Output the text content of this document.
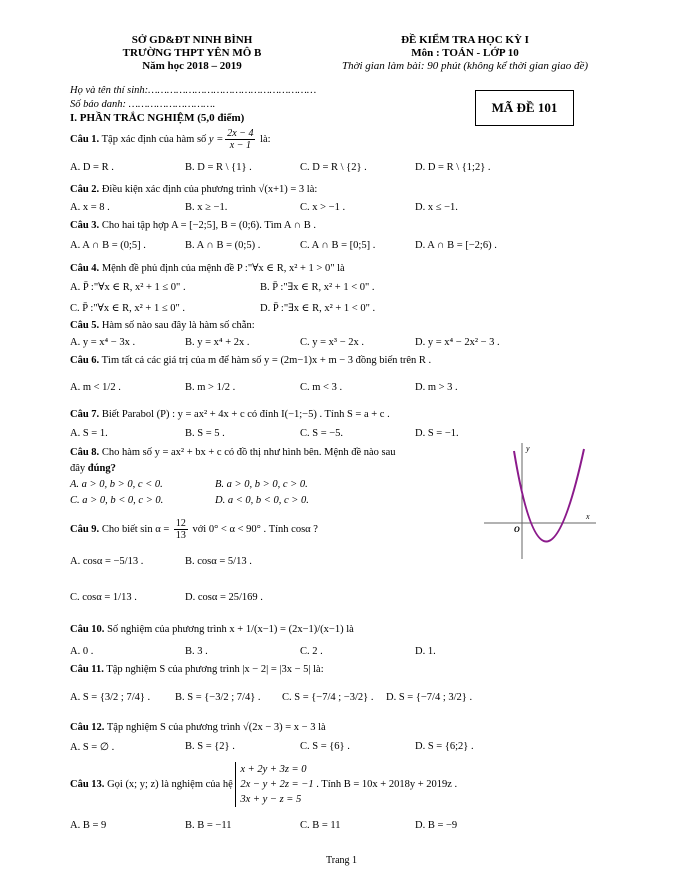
SỞ GD&ĐT NINH BÌNH
TRƯỜNG THPT YÊN MÔ B
Năm học 2018 – 2019
ĐỀ KIỂM TRA HỌC KỲ I
Môn : TOÁN - LỚP 10
Thời gian làm bài: 90 phút (không kể thời gian giao đề)
Họ và tên thí sinh:………………………………………………
Số báo danh: ……………………….	MÃ ĐỀ 101
I. PHẦN TRẮC NGHIỆM (5,0 điểm)
Câu 1. Tập xác định của hàm số $y = \frac{2x - 4}{x - 1}$ là:
A. D = R .	B. D = R \ {1} .	C. D = R \ {2} .	D. D = R \ {1;2} .
Câu 2. Điều kiện xác định của phương trình √(x+1) = 3 là:
A. x = 8 .	B. x ≥ −1.	C. x > −1 .	D. x ≤ −1.
Câu 3. Cho hai tập hợp A = [−2;5], B = (0;6). Tìm A ∩ B .
A. A ∩ B = (0;5] .	B. A ∩ B = (0;5) .	C. A ∩ B = [0;5] .	D. A ∩ B = [−2;6) .
Câu 4. Mệnh đề phủ định của mệnh đề P :"∀x ∈ R, x² + 1 > 0" là
A. P̄ :"∀x ∈ R, x² + 1 ≤ 0" .	B. P̄ :"∃x ∈ R, x² + 1 < 0" .
C. P̄ :"∀x ∈ R, x² + 1 ≤ 0" .	D. P̄ :"∃x ∈ R, x² + 1 < 0" .
Câu 5. Hàm số nào sau đây là hàm số chẵn:
A. y = x⁴ − 3x .	B. y = x⁴ + 2x .	C. y = x³ − 2x .	D. y = x⁴ − 2x² − 3 .
Câu 6. Tìm tất cả các giá trị của m để hàm số y = (2m−1)x + m − 3 đồng biến trên R .
A. m < 1/2 .	B. m > 1/2 .	C. m < 3 .	D. m > 3 .
Câu 7. Biết Parabol (P) : y = ax² + 4x + c có đỉnh I(−1;−5) . Tính S = a + c .
A. S = 1.	B. S = 5 .	C. S = −5.	D. S = −1.
Câu 8. Cho hàm số y = ax² + bx + c có đồ thị như hình bên. Mệnh đề nào sau
đây đúng?
A. a > 0, b > 0, c < 0.	B. a > 0, b > 0, c > 0.
C. a > 0, b < 0, c > 0.	D. a < 0, b < 0, c > 0.
y
x
O
Câu 9. Cho biết $\sin \alpha = \frac{12}{13}$ với 0° < α < 90° . Tính cosα ?
A. cosα = −5/13 .	B. cosα = 5/13 .
C. cosα = 1/13 .	D. cosα = 25/169 .
Câu 10. Số nghiệm của phương trình x + 1/(x−1) = (2x−1)/(x−1) là
A. 0 .	B. 3 .	C. 2 .	D. 1.
Câu 11. Tập nghiệm S của phương trình |x − 2| = |3x − 5| là:
A. S = {3/2 ; 7/4} . B. S = {−3/2 ; 7/4} . C. S = {−7/4 ; −3/2} . D. S = {−7/4 ; 3/2} .
Câu 12. Tập nghiệm S của phương trình √(2x − 3) = x − 3 là
A. S = ∅ .	B. S = {2} .	C. S = {6} .	D. S = {6;2} .
Câu 13. Gọi (x; y; z) là nghiệm của hệ
x + 2y + 3z = 0
2x − y + 2z = −1
3x + y − z = 5
. Tính B = 10x + 2018y + 2019z .
A. B = 9	B. B = −11	C. B = 11	D. B = −9
Trang 1
